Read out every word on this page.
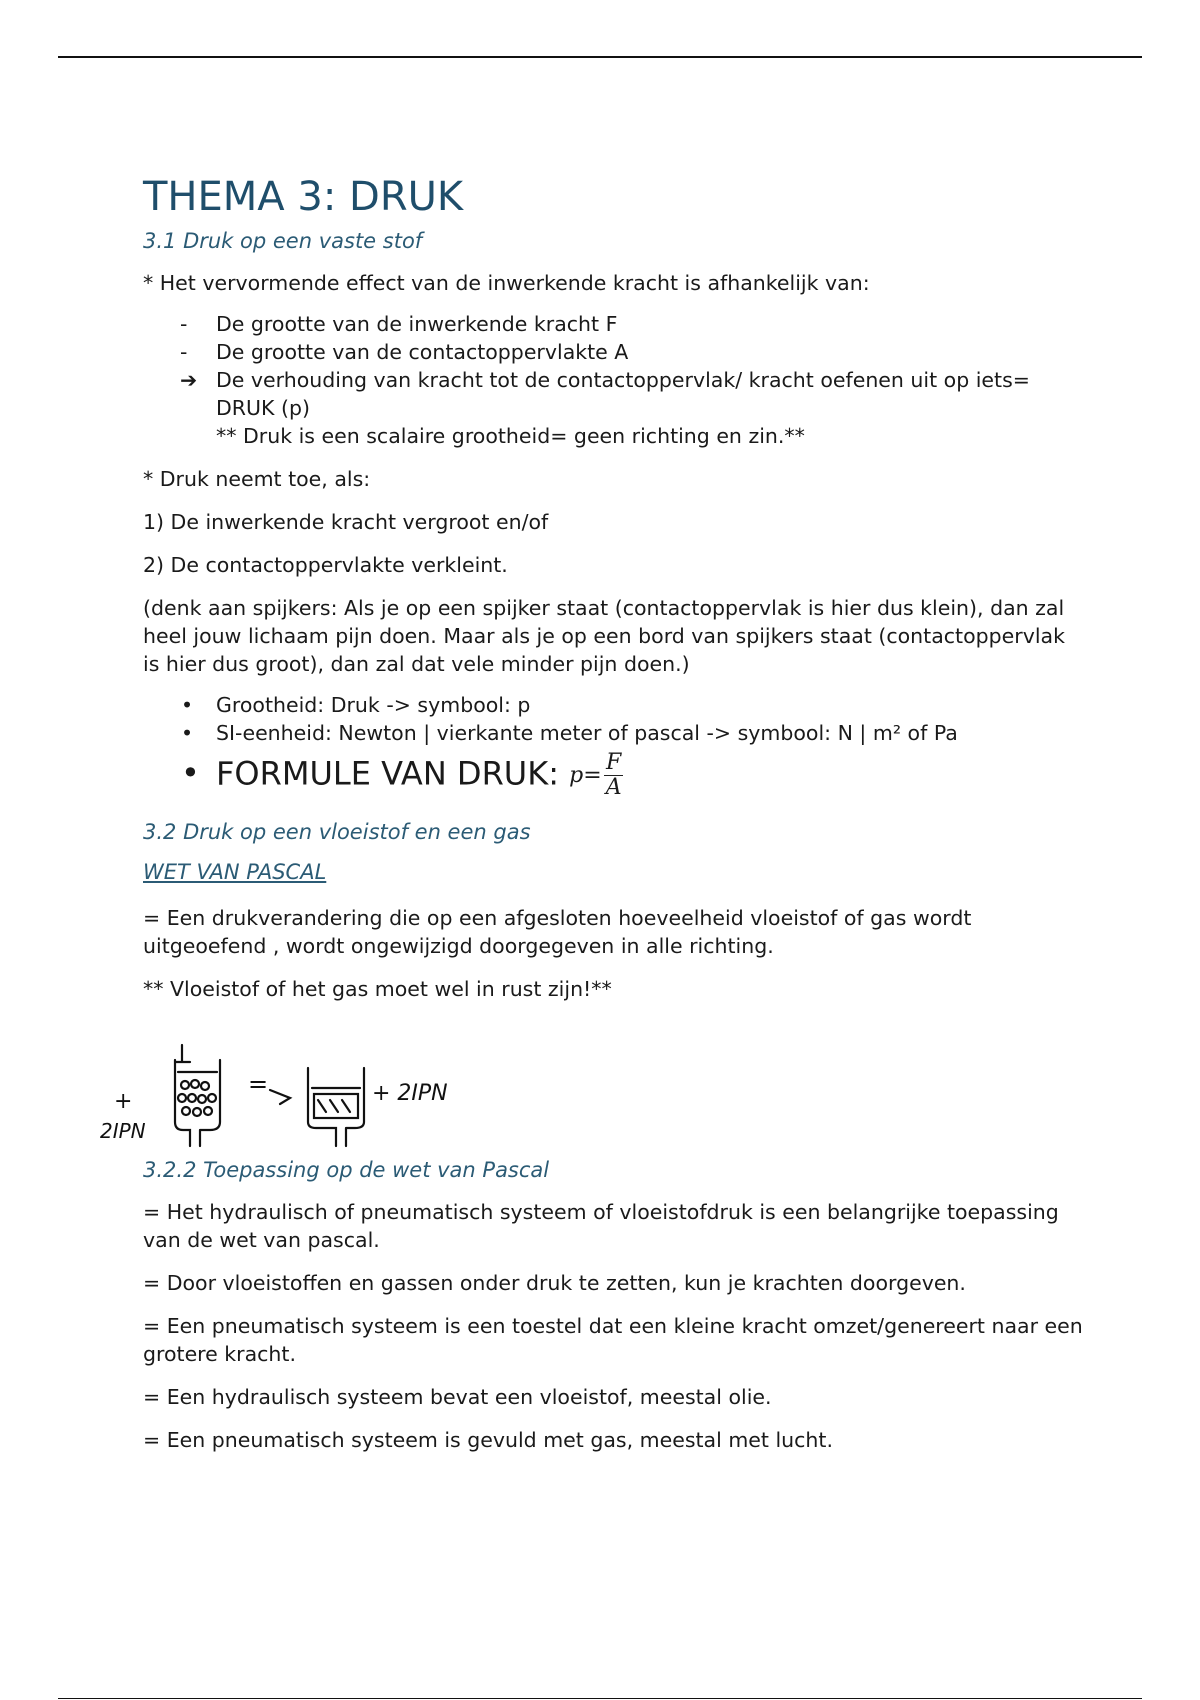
THEMA 3: DRUK
3.1 Druk op een vaste stof

* Het vervormende effect van de inwerkende kracht is afhankelijk van:

-	De grootte van de inwerkende kracht F
-	De grootte van de contactoppervlakte A
➔ De verhouding van kracht tot de contactoppervlak/ kracht oefenen uit op iets= DRUK (p)
** Druk is een scalaire grootheid= geen richting en zin.**

* Druk neemt toe, als:

1) De inwerkende kracht vergroot en/of

2) De contactoppervlakte verkleint.

(denk aan spijkers: Als je op een spijker staat (contactoppervlak is hier dus klein), dan zal heel jouw lichaam pijn doen. Maar als je op een bord van spijkers staat (contactoppervlak is hier dus groot), dan zal dat vele minder pijn doen.)

• Grootheid: Druk -> symbool: p
• SI-eenheid: Newton | vierkante meter of pascal -> symbool: N | m² of Pa
• FORMULE VAN DRUK: $p= \frac{F}{A}$
3.2 Druk op een vloeistof en een gas
WET VAN PASCAL

= Een drukverandering die op een afgesloten hoeveelheid vloeistof of gas wordt uitgeoefend , wordt ongewijzigd doorgegeven in alle richting.

** Vloeistof of het gas moet wel in rust zijn!**

3.2.2 Toepassing op de wet van Pascal

= Het hydraulisch of pneumatisch systeem of vloeistofdruk is een belangrijke toepassing van de wet van pascal.

= Door vloeistoffen en gassen onder druk te zetten, kun je krachten doorgeven.

= Een pneumatisch systeem is een toestel dat een kleine kracht omzet/genereert naar een grotere kracht.

= Een hydraulisch systeem bevat een vloeistof, meestal olie.

= Een pneumatisch systeem is gevuld met gas, meestal met lucht.

+
2IPN
=	+ 2IPN
